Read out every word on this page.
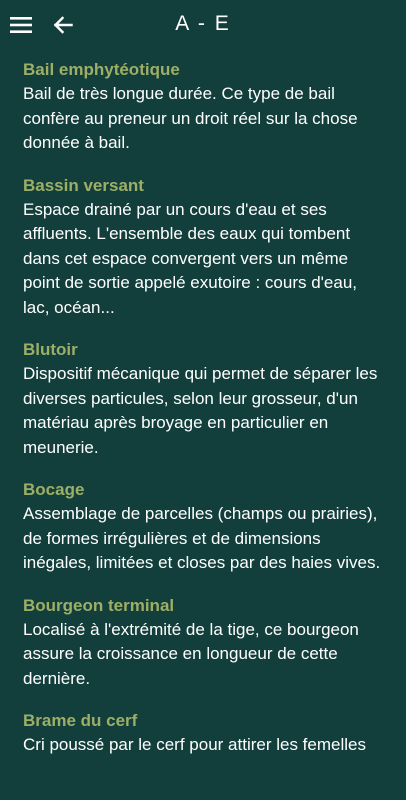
A - E
Bail emphytéotique
Bail de très longue durée. Ce type de bail confère au preneur un droit réel sur la chose donnée à bail.
Bassin versant
Espace drainé par un cours d'eau et ses affluents. L'ensemble des eaux qui tombent dans cet espace convergent vers un même point de sortie appelé exutoire : cours d'eau, lac, océan...
Blutoir
Dispositif mécanique qui permet de séparer les diverses particules, selon leur grosseur, d'un matériau après broyage en particulier en meunerie.
Bocage
Assemblage de parcelles (champs ou prairies), de formes irrégulières et de dimensions inégales, limitées et closes par des haies vives.
Bourgeon terminal
Localisé à l'extrémité de la tige, ce bourgeon assure la croissance en longueur de cette dernière.
Brame du cerf
Cri poussé par le cerf pour attirer les femelles
